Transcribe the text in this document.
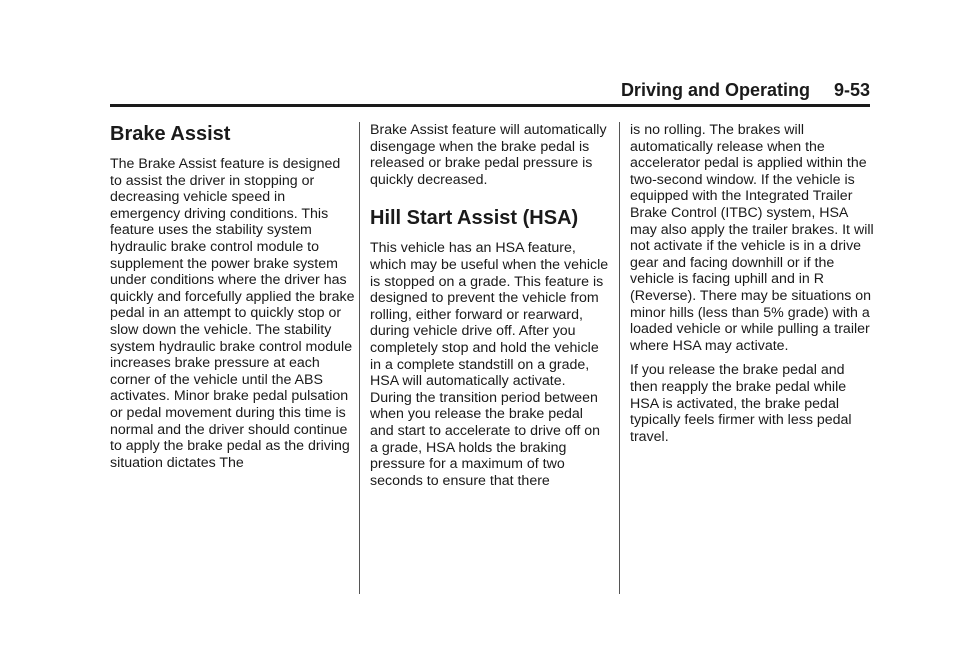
Driving and Operating 9-53
Brake Assist

The Brake Assist feature is designed to assist the driver in stopping or decreasing vehicle speed in emergency driving conditions. This feature uses the stability system hydraulic brake control module to supplement the power brake system under conditions where the driver has quickly and forcefully applied the brake pedal in an attempt to quickly stop or slow down the vehicle. The stability system hydraulic brake control module increases brake pressure at each corner of the vehicle until the ABS activates. Minor brake pedal pulsation or pedal movement during this time is normal and the driver should continue to apply the brake pedal as the driving situation dictates The

Brake Assist feature will automatically disengage when the brake pedal is released or brake pedal pressure is quickly decreased.

Hill Start Assist (HSA)

This vehicle has an HSA feature, which may be useful when the vehicle is stopped on a grade. This feature is designed to prevent the vehicle from rolling, either forward or rearward, during vehicle drive off. After you completely stop and hold the vehicle in a complete standstill on a grade, HSA will automatically activate. During the transition period between when you release the brake pedal and start to accelerate to drive off on a grade, HSA holds the braking pressure for a maximum of two seconds to ensure that there

is no rolling. The brakes will automatically release when the accelerator pedal is applied within the two-second window. If the vehicle is equipped with the Integrated Trailer Brake Control (ITBC) system, HSA may also apply the trailer brakes. It will not activate if the vehicle is in a drive gear and facing downhill or if the vehicle is facing uphill and in R (Reverse). There may be situations on minor hills (less than 5% grade) with a loaded vehicle or while pulling a trailer where HSA may activate.

If you release the brake pedal and then reapply the brake pedal while HSA is activated, the brake pedal typically feels firmer with less pedal travel.
